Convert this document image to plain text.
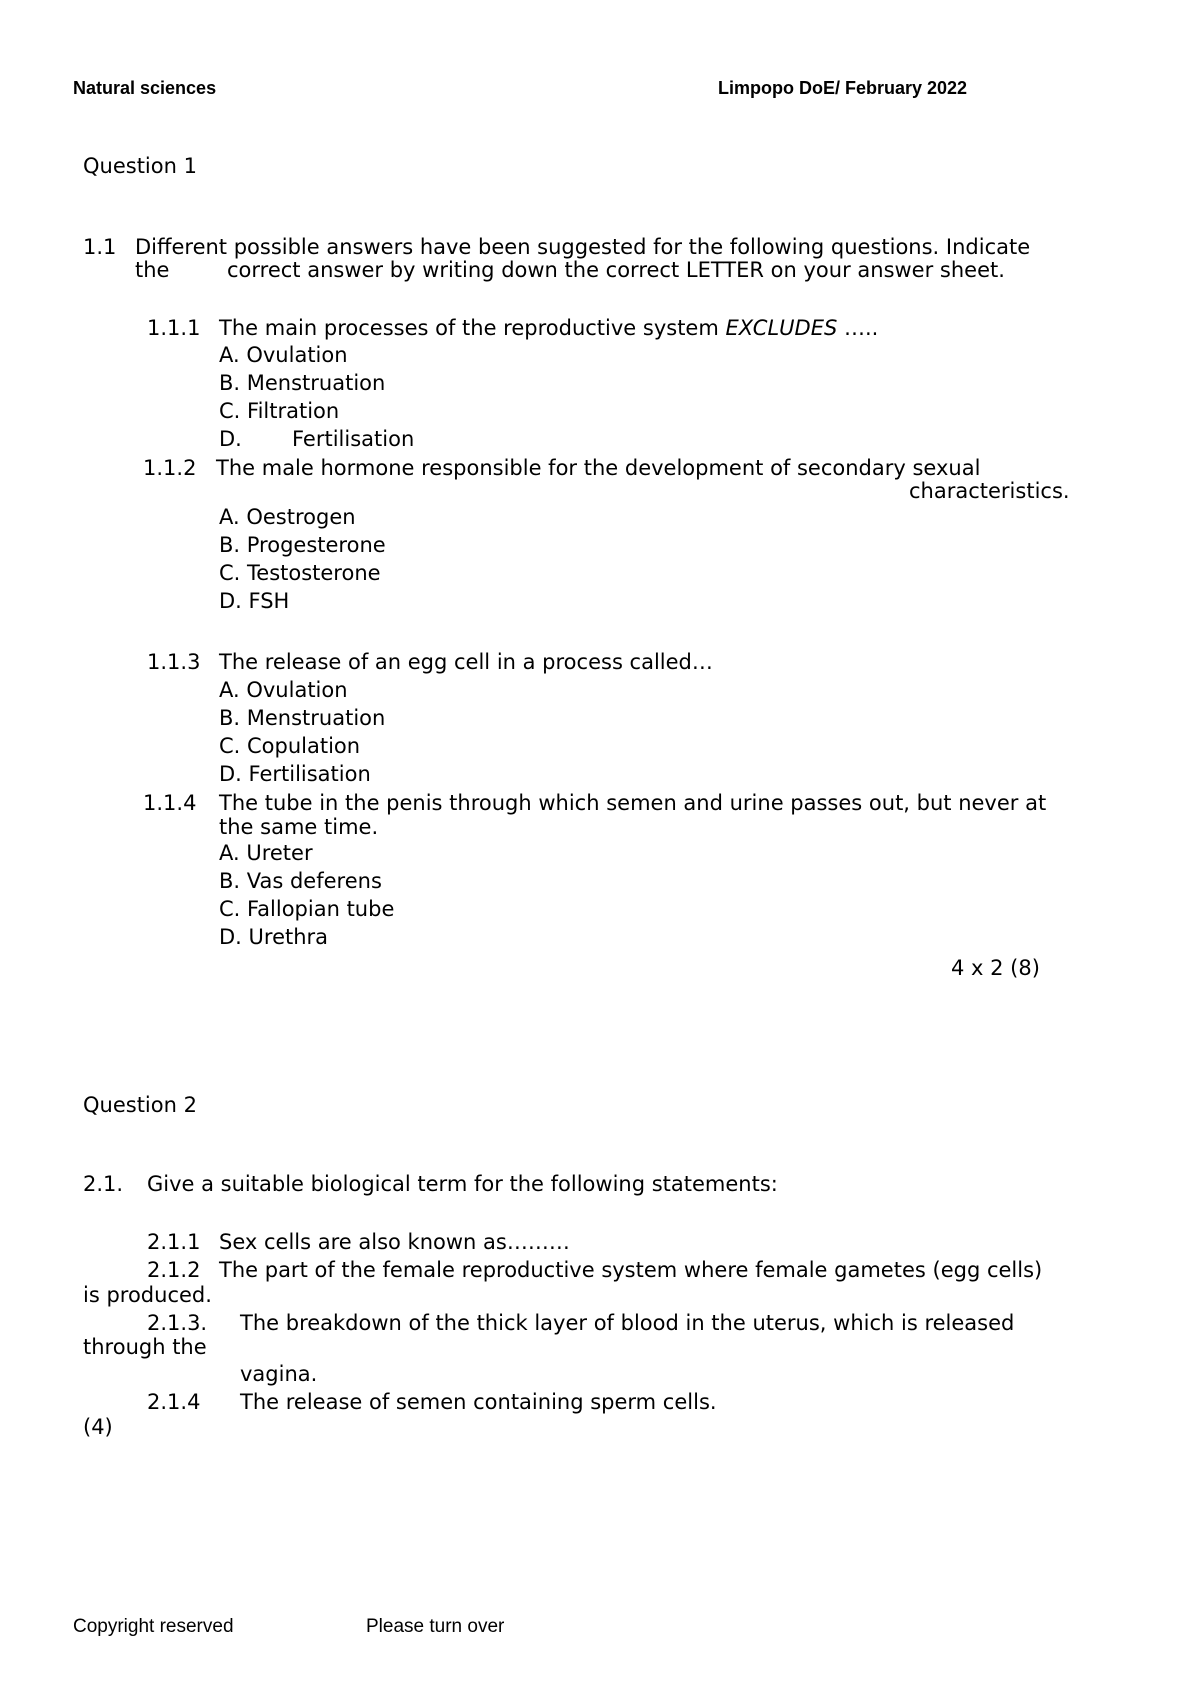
Natural sciences	Limpopo DoE/ February 2022
Question 1
1.1 Different possible answers have been suggested for the following questions. Indicate
the	correct answer by writing down the correct LETTER on your answer sheet.
1.1.1 The main processes of the reproductive system EXCLUDES …..
A. Ovulation
B. Menstruation
C. Filtration
D. Fertilisation
1.1.2 The male hormone responsible for the development of secondary sexual
characteristics.
A. Oestrogen
B. Progesterone
C. Testosterone
D. FSH
1.1.3 The release of an egg cell in a process called…
A. Ovulation
B. Menstruation
C. Copulation
D. Fertilisation
1.1.4 The tube in the penis through which semen and urine passes out, but never at
the same time.
A. Ureter
B. Vas deferens
C. Fallopian tube
D. Urethra
4 x 2 (8)
Question 2
2.1. Give a suitable biological term for the following statements:
2.1.1 Sex cells are also known as………
2.1.2 The part of the female reproductive system where female gametes (egg cells)
is produced.
2.1.3. The breakdown of the thick layer of blood in the uterus, which is released
through the
vagina.
2.1.4 The release of semen containing sperm cells.
(4)
Copyright reserved	Please turn over
